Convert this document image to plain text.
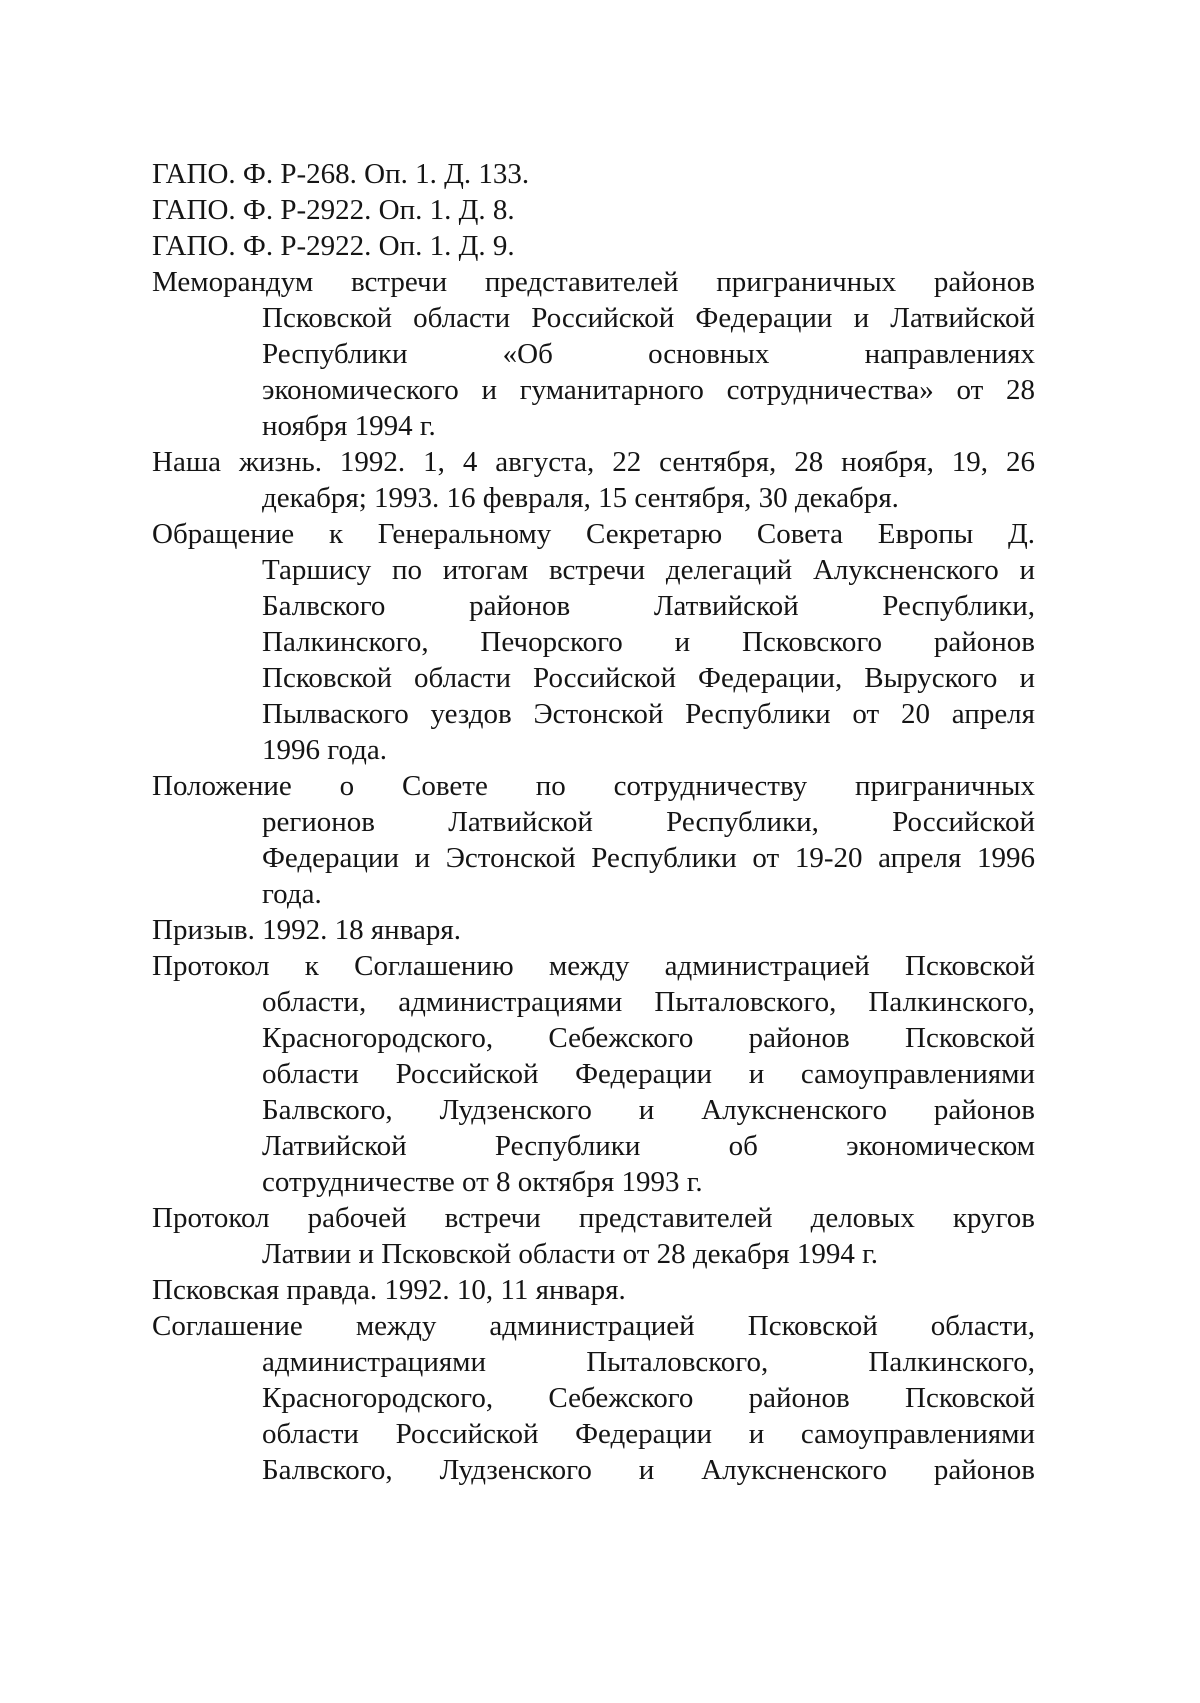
ГАПО. Ф. Р-268. Оп. 1. Д. 133.
ГАПО. Ф. Р-2922. Оп. 1. Д. 8.
ГАПО. Ф. Р-2922. Оп. 1. Д. 9.
Меморандум встречи представителей приграничных районов
Псковской области Российской Федерации и Латвийской
Республики «Об основных направлениях
экономического и гуманитарного сотрудничества» от 28
ноября 1994 г.
Наша жизнь. 1992. 1, 4 августа, 22 сентября, 28 ноября, 19, 26
декабря; 1993. 16 февраля, 15 сентября, 30 декабря.
Обращение к Генеральному Секретарю Совета Европы Д.
Таршису по итогам встречи делегаций Алуксненского и
Балвского районов Латвийской Республики,
Палкинского, Печорского и Псковского районов
Псковской области Российской Федерации, Выруского и
Пылваского уездов Эстонской Республики от 20 апреля
1996 года.
Положение о Совете по сотрудничеству приграничных
регионов Латвийской Республики, Российской
Федерации и Эстонской Республики от 19-20 апреля 1996
года.
Призыв. 1992. 18 января.
Протокол к Соглашению между администрацией Псковской
области, администрациями Пыталовского, Палкинского,
Красногородского, Себежского районов Псковской
области Российской Федерации и самоуправлениями
Балвского, Лудзенского и Алуксненского районов
Латвийской Республики об экономическом
сотрудничестве от 8 октября 1993 г.
Протокол рабочей встречи представителей деловых кругов
Латвии и Псковской области от 28 декабря 1994 г.
Псковская правда. 1992. 10, 11 января.
Соглашение между администрацией Псковской области,
администрациями Пыталовского, Палкинского,
Красногородского, Себежского районов Псковской
области Российской Федерации и самоуправлениями
Балвского, Лудзенского и Алуксненского районов
